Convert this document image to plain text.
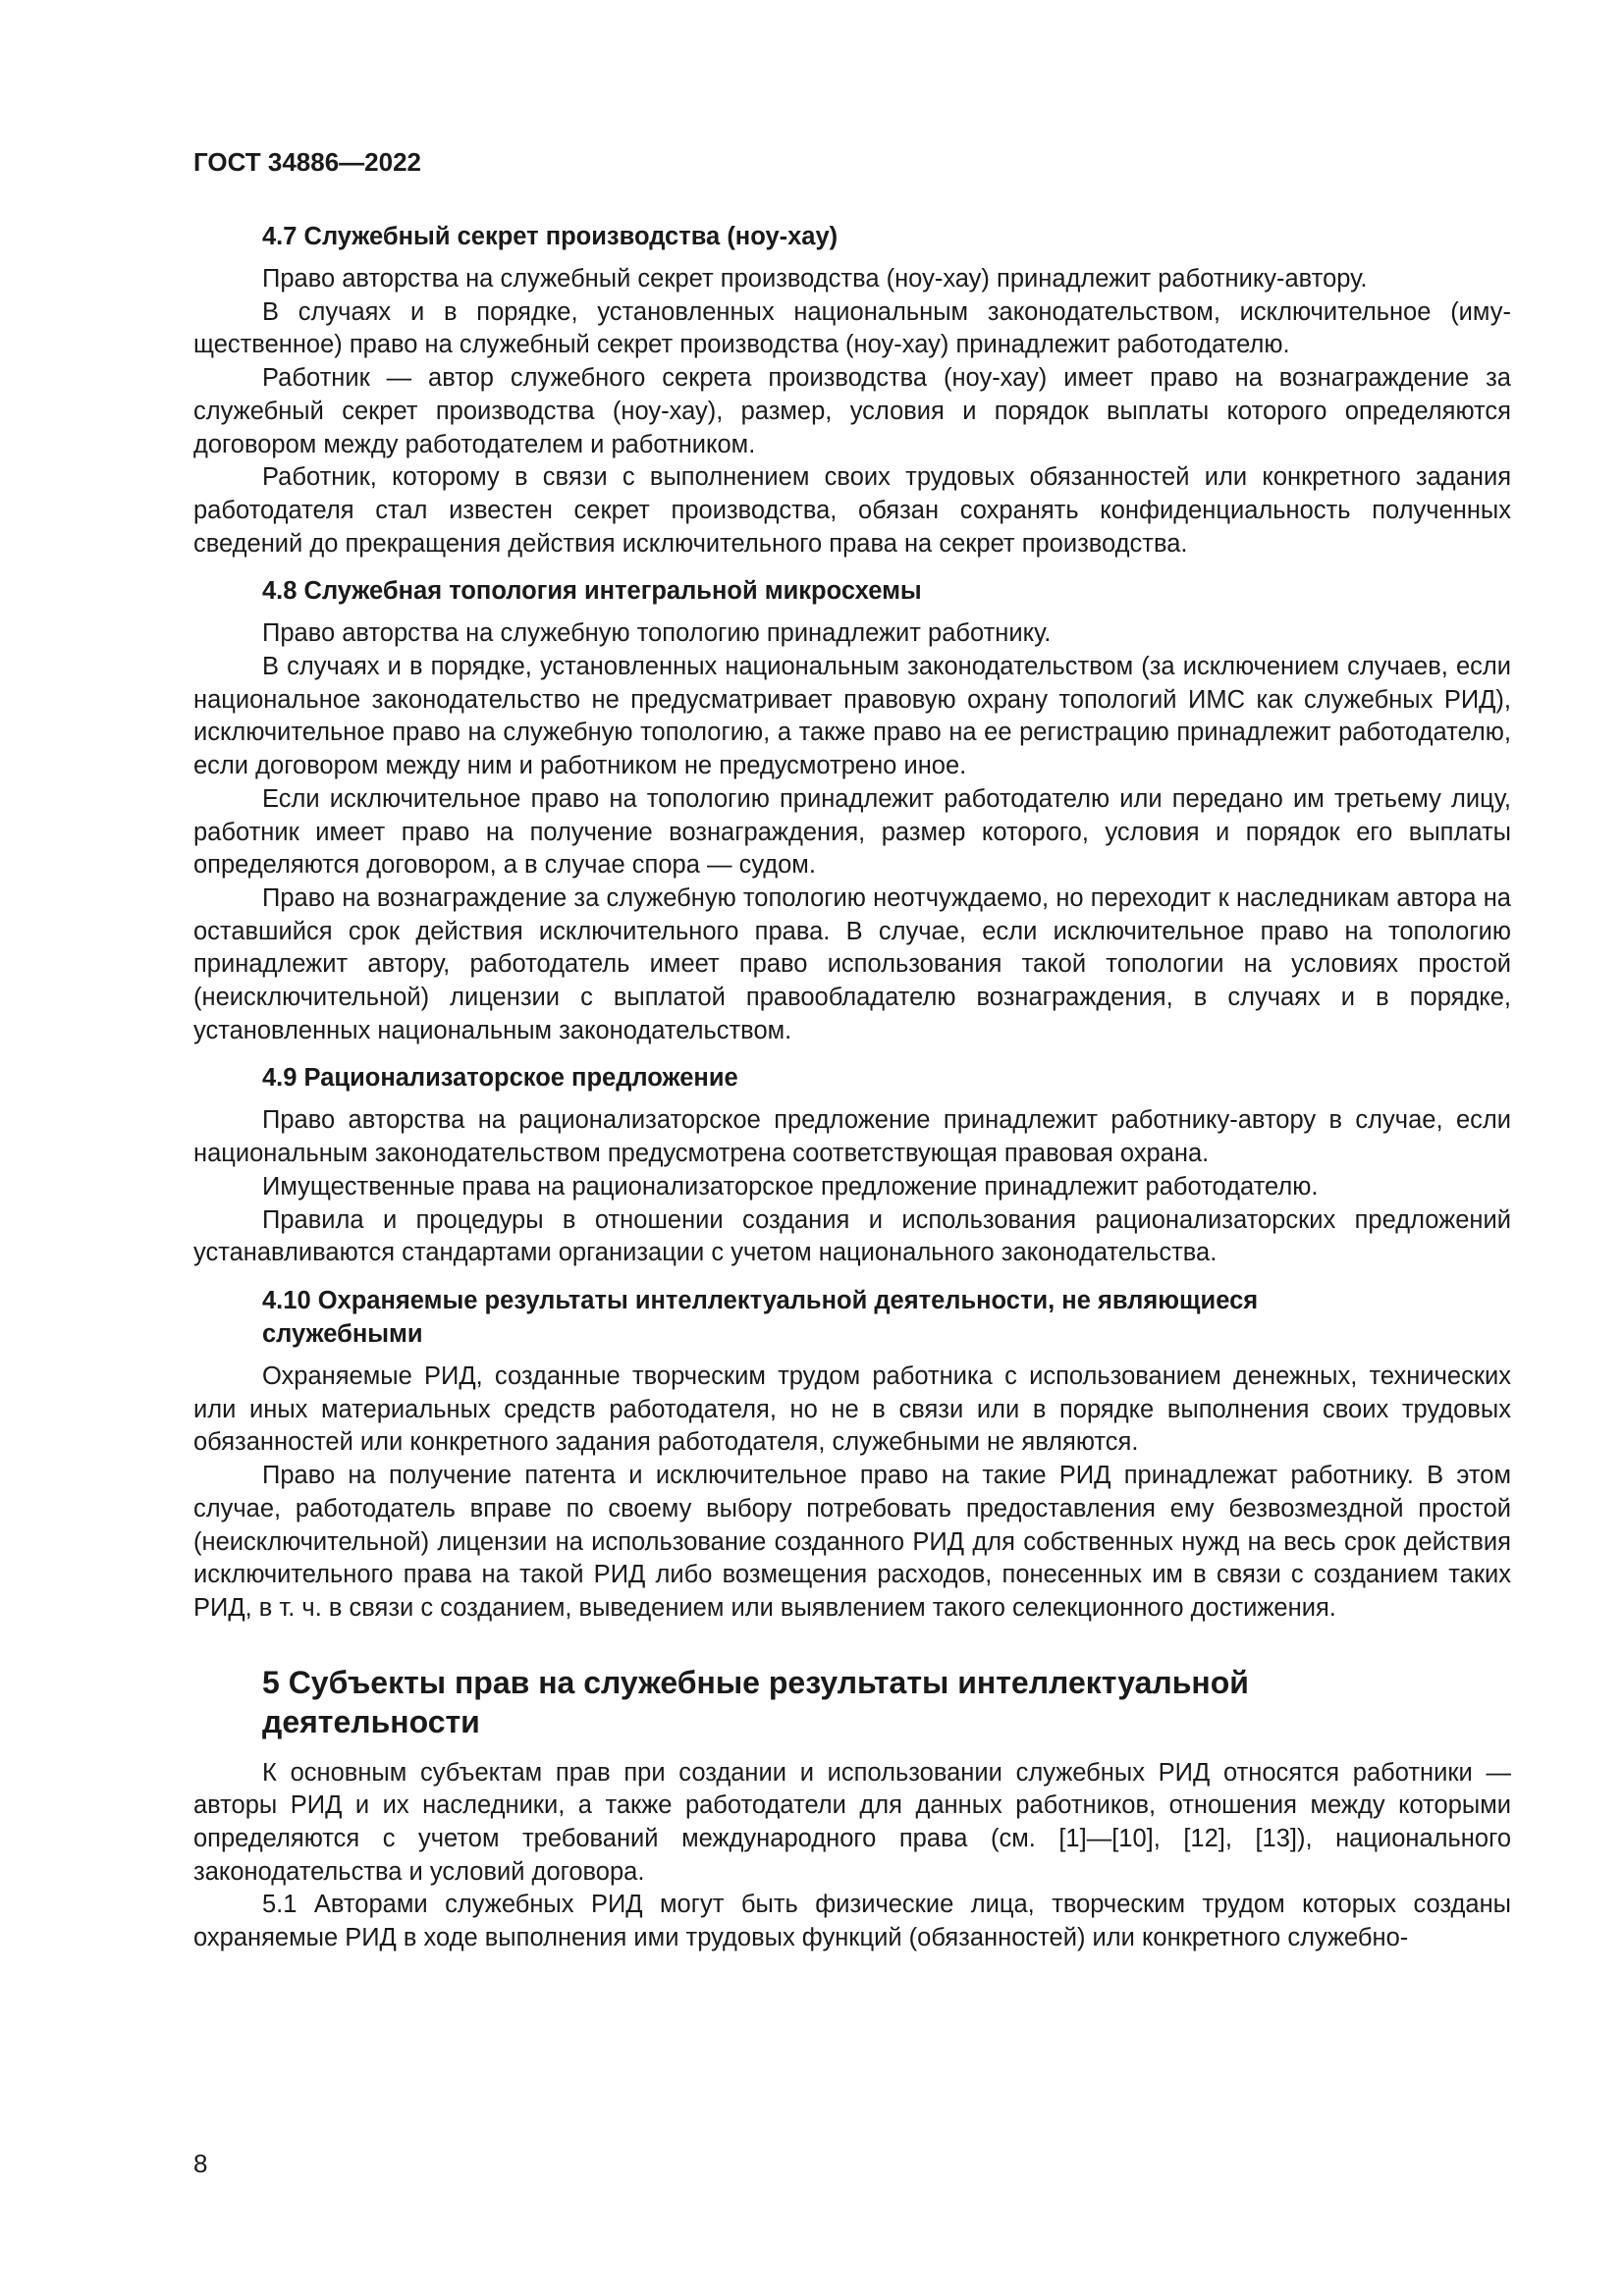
ГОСТ 34886—2022
4.7 Служебный секрет производства (ноу-хау)

Право авторства на служебный секрет производства (ноу-хау) принадлежит работнику-автору.

В случаях и в порядке, установленных национальным законодательством, исключительное (имущественное) право на служебный секрет производства (ноу-хау) принадлежит работодателю.

Работник — автор служебного секрета производства (ноу-хау) имеет право на вознаграждение за служебный секрет производства (ноу-хау), размер, условия и порядок выплаты которого определяются договором между работодателем и работником.

Работник, которому в связи с выполнением своих трудовых обязанностей или конкретного задания работодателя стал известен секрет производства, обязан сохранять конфиденциальность полученных сведений до прекращения действия исключительного права на секрет производства.

4.8 Служебная топология интегральной микросхемы

Право авторства на служебную топологию принадлежит работнику.

В случаях и в порядке, установленных национальным законодательством (за исключением случаев, если национальное законодательство не предусматривает правовую охрану топологий ИМС как служебных РИД), исключительное право на служебную топологию, а также право на ее регистрацию принадлежит работодателю, если договором между ним и работником не предусмотрено иное.

Если исключительное право на топологию принадлежит работодателю или передано им третьему лицу, работник имеет право на получение вознаграждения, размер которого, условия и порядок его выплаты определяются договором, а в случае спора — судом.

Право на вознаграждение за служебную топологию неотчуждаемо, но переходит к наследникам автора на оставшийся срок действия исключительного права. В случае, если исключительное право на топологию принадлежит автору, работодатель имеет право использования такой топологии на условиях простой (неисключительной) лицензии с выплатой правообладателю вознаграждения, в случаях и в порядке, установленных национальным законодательством.

4.9 Рационализаторское предложение

Право авторства на рационализаторское предложение принадлежит работнику-автору в случае, если национальным законодательством предусмотрена соответствующая правовая охрана.

Имущественные права на рационализаторское предложение принадлежит работодателю.

Правила и процедуры в отношении создания и использования рационализаторских предложений устанавливаются стандартами организации с учетом национального законодательства.

4.10 Охраняемые результаты интеллектуальной деятельности, не являющиеся
служебными

Охраняемые РИД, созданные творческим трудом работника с использованием денежных, технических или иных материальных средств работодателя, но не в связи или в порядке выполнения своих трудовых обязанностей или конкретного задания работодателя, служебными не являются.

Право на получение патента и исключительное право на такие РИД принадлежат работнику. В этом случае, работодатель вправе по своему выбору потребовать предоставления ему безвозмездной простой (неисключительной) лицензии на использование созданного РИД для собственных нужд на весь срок действия исключительного права на такой РИД либо возмещения расходов, понесенных им в связи с созданием таких РИД, в т. ч. в связи с созданием, выведением или выявлением такого селекционного достижения.

5 Субъекты прав на служебные результаты интеллектуальной
деятельности

К основным субъектам прав при создании и использовании служебных РИД относятся работники — авторы РИД и их наследники, а также работодатели для данных работников, отношения между которыми определяются с учетом требований международного права (см. [1]—[10], [12], [13]), национального законодательства и условий договора.

5.1 Авторами служебных РИД могут быть физические лица, творческим трудом которых созданы охраняемые РИД в ходе выполнения ими трудовых функций (обязанностей) или конкретного служебно-

8
